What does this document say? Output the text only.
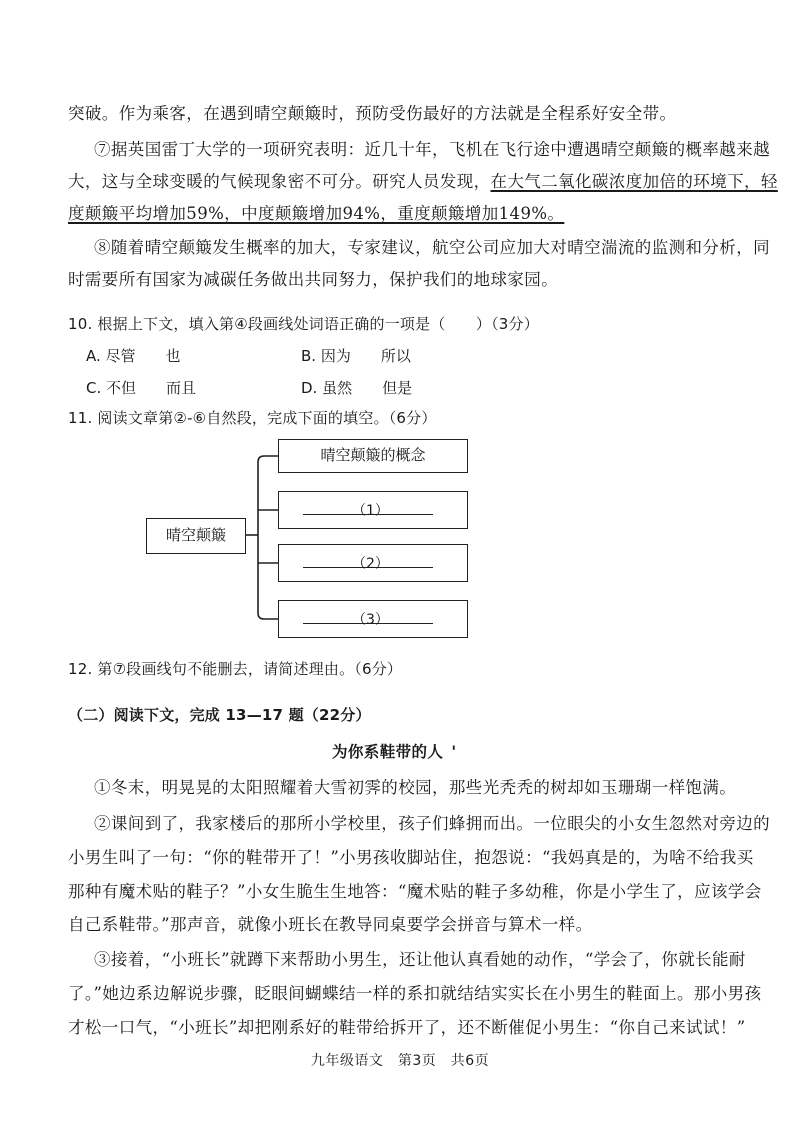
突破。作为乘客，在遇到晴空颠簸时，预防受伤最好的方法就是全程系好安全带。
⑦据英国雷丁大学的一项研究表明：近几十年，飞机在飞行途中遭遇晴空颠簸的概率越来越
大，这与全球变暖的气候现象密不可分。研究人员发现，在大气二氧化碳浓度加倍的环境下，轻
度颠簸平均增加59%，中度颠簸增加94%，重度颠簸增加149%。
⑧随着晴空颠簸发生概率的加大，专家建议，航空公司应加大对晴空湍流的监测和分析，同
时需要所有国家为减碳任务做出共同努力，保护我们的地球家园。
10. 根据上下文，填入第④段画线处词语正确的一项是（　　）（3分）
A. 尽管 也	B. 因为 所以
C. 不但 而且	D. 虽然 但是
11. 阅读文章第②-⑥自然段，完成下面的填空。（6分）
晴空颠簸
晴空颠簸的概念
（1）
（2）
（3）
12. 第⑦段画线句不能删去，请简述理由。（6分）
（二）阅读下文，完成 13—17 题（22分）
为你系鞋带的人 '
①冬末，明晃晃的太阳照耀着大雪初霁的校园，那些光秃秃的树却如玉珊瑚一样饱满。
②课间到了，我家楼后的那所小学校里，孩子们蜂拥而出。一位眼尖的小女生忽然对旁边的
小男生叫了一句：“你的鞋带开了！”小男孩收脚站住，抱怨说：“我妈真是的，为啥不给我买
那种有魔术贴的鞋子？”小女生脆生生地答：“魔术贴的鞋子多幼稚，你是小学生了，应该学会
自己系鞋带。”那声音，就像小班长在教导同桌要学会拼音与算术一样。
③接着，“小班长”就蹲下来帮助小男生，还让他认真看她的动作，“学会了，你就长能耐
了。”她边系边解说步骤，眨眼间蝴蝶结一样的系扣就结结实实长在小男生的鞋面上。那小男孩
才松一口气，“小班长”却把刚系好的鞋带给拆开了，还不断催促小男生：“你自己来试试！”
九年级语文　第3页　共6页
